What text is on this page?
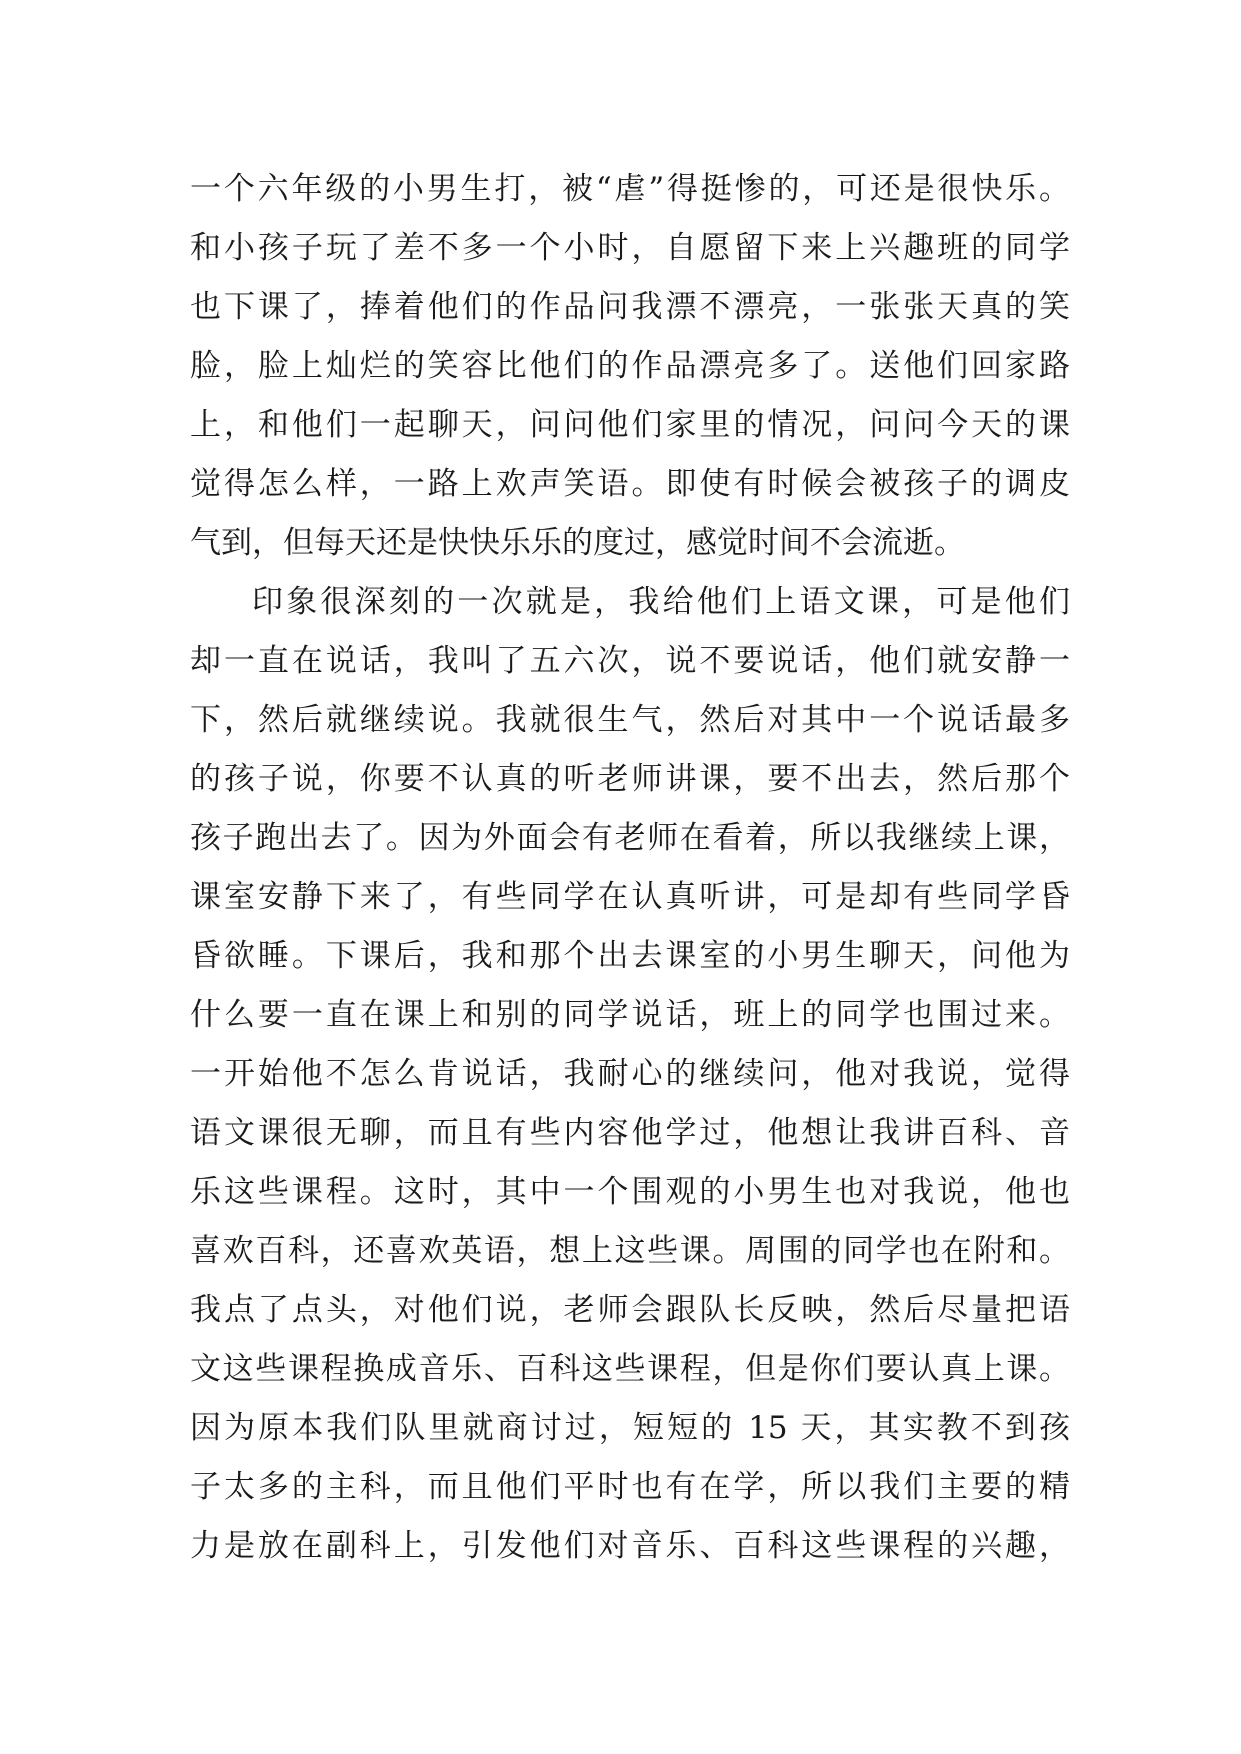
一个六年级的小男生打，被“虐”得挺惨的，可还是很快乐。
和小孩子玩了差不多一个小时，自愿留下来上兴趣班的同学
也下课了，捧着他们的作品问我漂不漂亮，一张张天真的笑
脸，脸上灿烂的笑容比他们的作品漂亮多了。送他们回家路
上，和他们一起聊天，问问他们家里的情况，问问今天的课
觉得怎么样，一路上欢声笑语。即使有时候会被孩子的调皮
气到，但每天还是快快乐乐的度过，感觉时间不会流逝。
印象很深刻的一次就是，我给他们上语文课，可是他们
却一直在说话，我叫了五六次，说不要说话，他们就安静一
下，然后就继续说。我就很生气，然后对其中一个说话最多
的孩子说，你要不认真的听老师讲课，要不出去，然后那个
孩子跑出去了。因为外面会有老师在看着，所以我继续上课，
课室安静下来了，有些同学在认真听讲，可是却有些同学昏
昏欲睡。下课后，我和那个出去课室的小男生聊天，问他为
什么要一直在课上和别的同学说话，班上的同学也围过来。
一开始他不怎么肯说话，我耐心的继续问，他对我说，觉得
语文课很无聊，而且有些内容他学过，他想让我讲百科、音
乐这些课程。这时，其中一个围观的小男生也对我说，他也
喜欢百科，还喜欢英语，想上这些课。周围的同学也在附和。
我点了点头，对他们说，老师会跟队长反映，然后尽量把语
文这些课程换成音乐、百科这些课程，但是你们要认真上课。
因为原本我们队里就商讨过，短短的 15 天，其实教不到孩
子太多的主科，而且他们平时也有在学，所以我们主要的精
力是放在副科上，引发他们对音乐、百科这些课程的兴趣，
